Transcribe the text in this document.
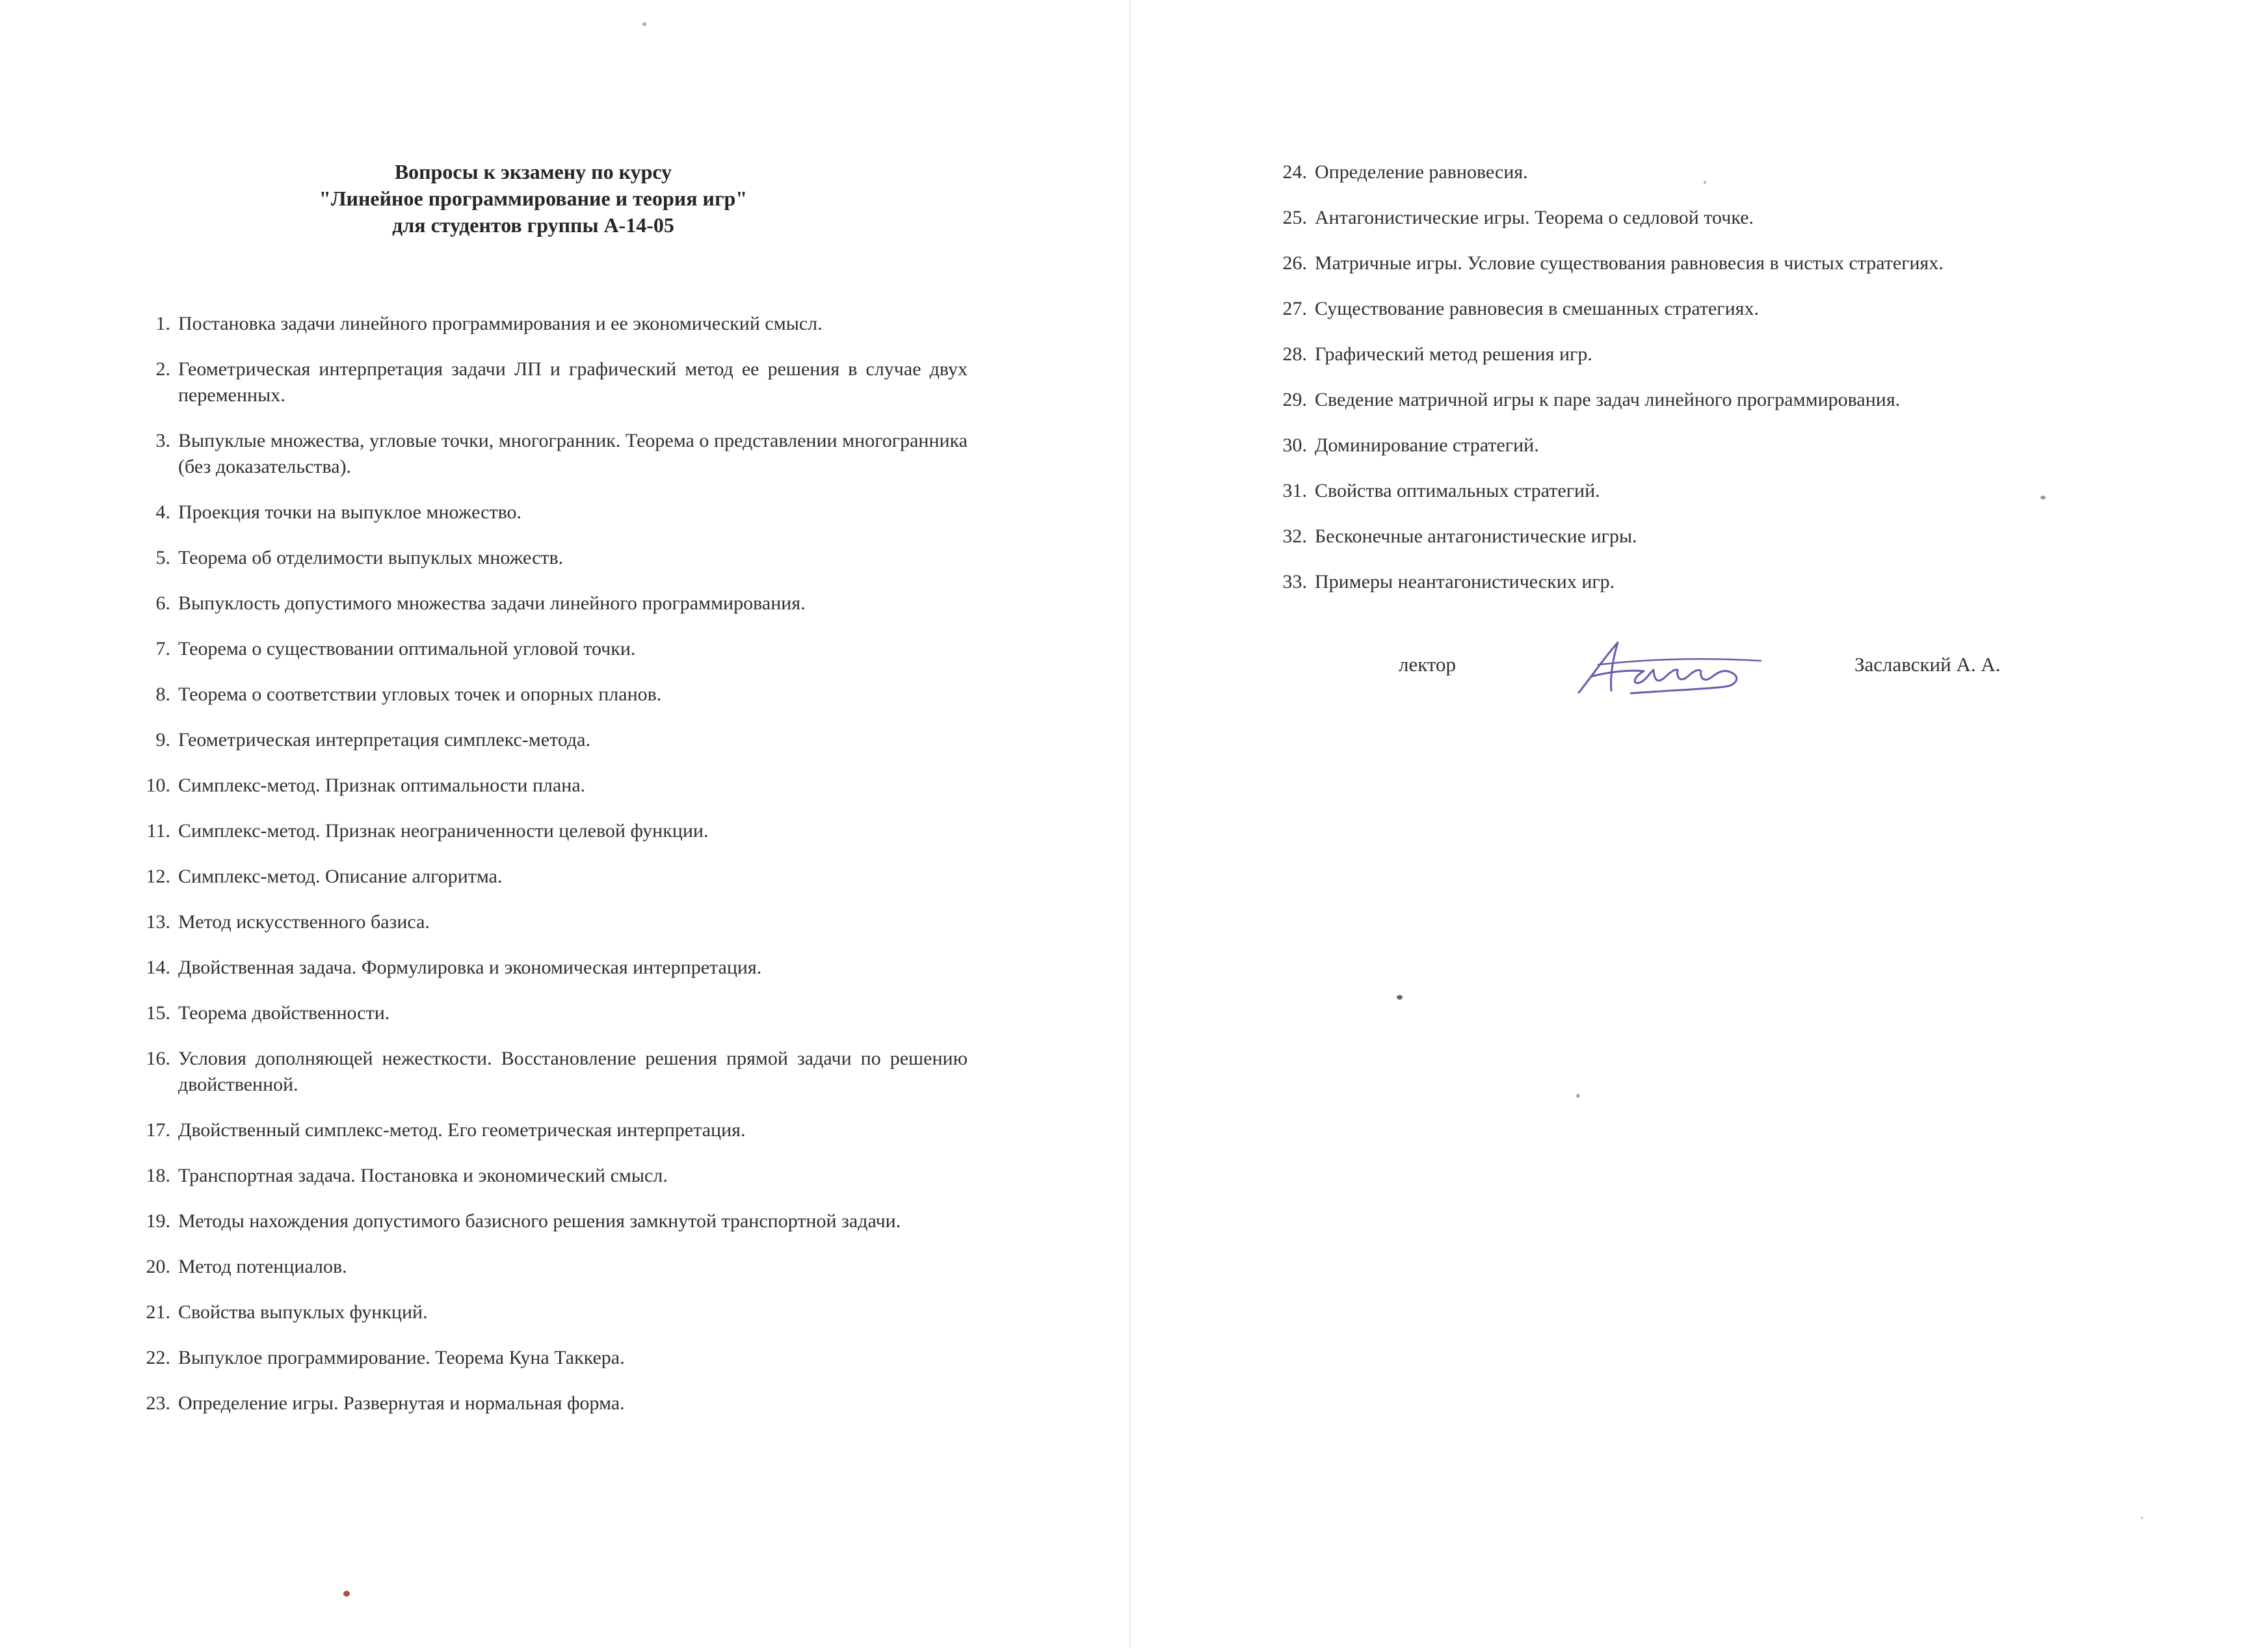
Вопросы к экзамену по курсу
"Линейное программирование и теория игр"
для студентов группы А-14-05
1. Постановка задачи линейного программирования и ее экономический смысл.
2. Геометрическая интерпретация задачи ЛП и графический метод ее решения в случае двух переменных.
3. Выпуклые множества, угловые точки, многогранник. Теорема о представлении многогранника (без доказательства).
4. Проекция точки на выпуклое множество.
5. Теорема об отделимости выпуклых множеств.
6. Выпуклость допустимого множества задачи линейного программирования.
7. Теорема о существовании оптимальной угловой точки.
8. Теорема о соответствии угловых точек и опорных планов.
9. Геометрическая интерпретация симплекс-метода.
10. Симплекс-метод. Признак оптимальности плана.
11. Симплекс-метод. Признак неограниченности целевой функции.
12. Симплекс-метод. Описание алгоритма.
13. Метод искусственного базиса.
14. Двойственная задача. Формулировка и экономическая интерпретация.
15. Теорема двойственности.
16. Условия дополняющей нежесткости. Восстановление решения прямой задачи по решению двойственной.
17. Двойственный симплекс-метод. Его геометрическая интерпретация.
18. Транспортная задача. Постановка и экономический смысл.
19. Методы нахождения допустимого базисного решения замкнутой транспортной задачи.
20. Метод потенциалов.
21. Свойства выпуклых функций.
22. Выпуклое программирование. Теорема Куна Таккера.
23. Определение игры. Развернутая и нормальная форма.
24. Определение равновесия.
25. Антагонистические игры. Теорема о седловой точке.
26. Матричные игры. Условие существования равновесия в чистых стратегиях.
27. Существование равновесия в смешанных стратегиях.
28. Графический метод решения игр.
29. Сведение матричной игры к паре задач линейного программирования.
30. Доминирование стратегий.
31. Свойства оптимальных стратегий.
32. Бесконечные антагонистические игры.
33. Примеры неантагонистических игр.
лектор	Заславский А. А.
